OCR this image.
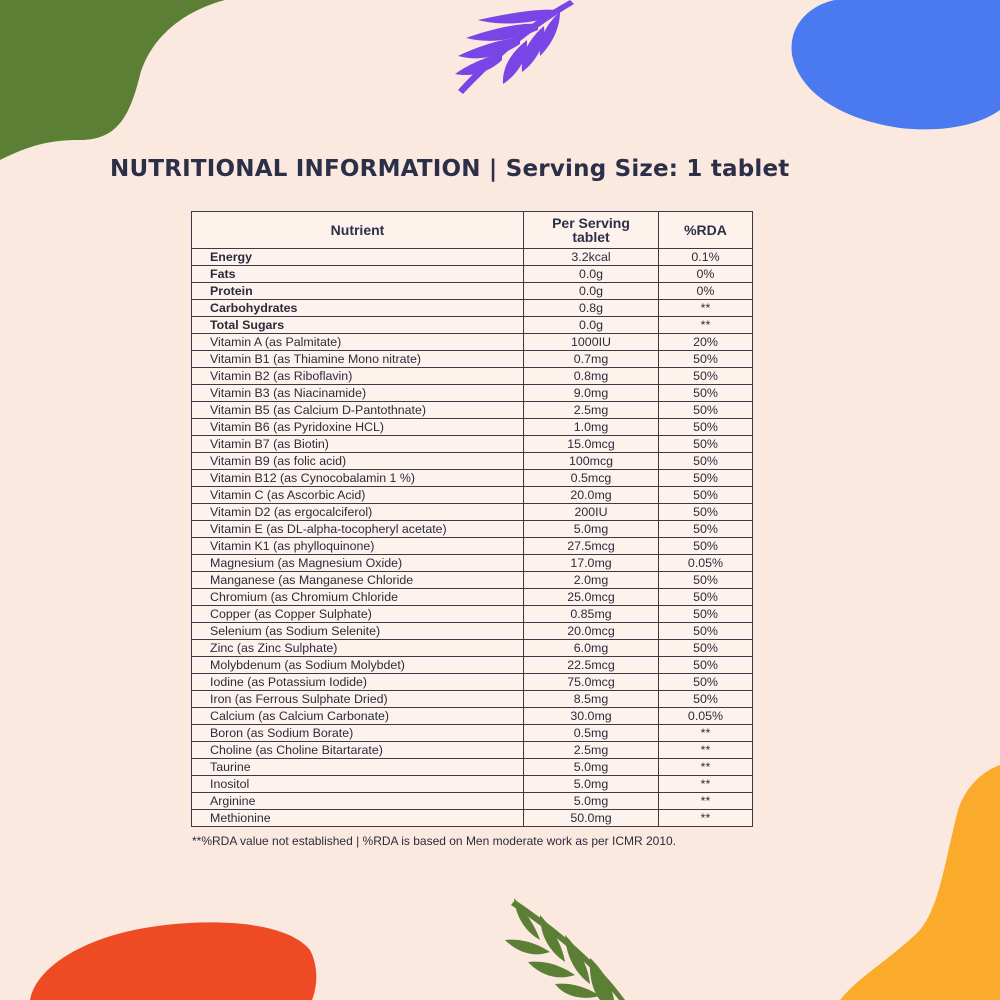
NUTRITIONAL INFORMATION | Serving Size: 1 tablet
Nutrient	Per Serving tablet	%RDA
Energy	3.2kcal	0.1%
Fats	0.0g	0%
Protein	0.0g	0%
Carbohydrates	0.8g	**
Total Sugars	0.0g	**
Vitamin A (as Palmitate)	1000IU	20%
Vitamin B1 (as Thiamine Mono nitrate)	0.7mg	50%
Vitamin B2 (as Riboflavin)	0.8mg	50%
Vitamin B3 (as Niacinamide)	9.0mg	50%
Vitamin B5 (as Calcium D-Pantothnate)	2.5mg	50%
Vitamin B6 (as Pyridoxine HCL)	1.0mg	50%
Vitamin B7 (as Biotin)	15.0mcg	50%
Vitamin B9 (as folic acid)	100mcg	50%
Vitamin B12 (as Cynocobalamin 1 %)	0.5mcg	50%
Vitamin C (as Ascorbic Acid)	20.0mg	50%
Vitamin D2 (as ergocalciferol)	200IU	50%
Vitamin E (as DL-alpha-tocopheryl acetate)	5.0mg	50%
Vitamin K1 (as phylloquinone)	27.5mcg	50%
Magnesium (as Magnesium Oxide)	17.0mg	0.05%
Manganese (as Manganese Chloride	2.0mg	50%
Chromium (as Chromium Chloride	25.0mcg	50%
Copper (as Copper Sulphate)	0.85mg	50%
Selenium (as Sodium Selenite)	20.0mcg	50%
Zinc (as Zinc Sulphate)	6.0mg	50%
Molybdenum (as Sodium Molybdet)	22.5mcg	50%
Iodine (as Potassium Iodide)	75.0mcg	50%
Iron (as Ferrous Sulphate Dried)	8.5mg	50%
Calcium (as Calcium Carbonate)	30.0mg	0.05%
Boron (as Sodium Borate)	0.5mg	**
Choline (as Choline Bitartarate)	2.5mg	**
Taurine	5.0mg	**
Inositol	5.0mg	**
Arginine	5.0mg	**
Methionine	50.0mg	**
**%RDA value not established | %RDA is based on Men moderate work as per ICMR 2010.
